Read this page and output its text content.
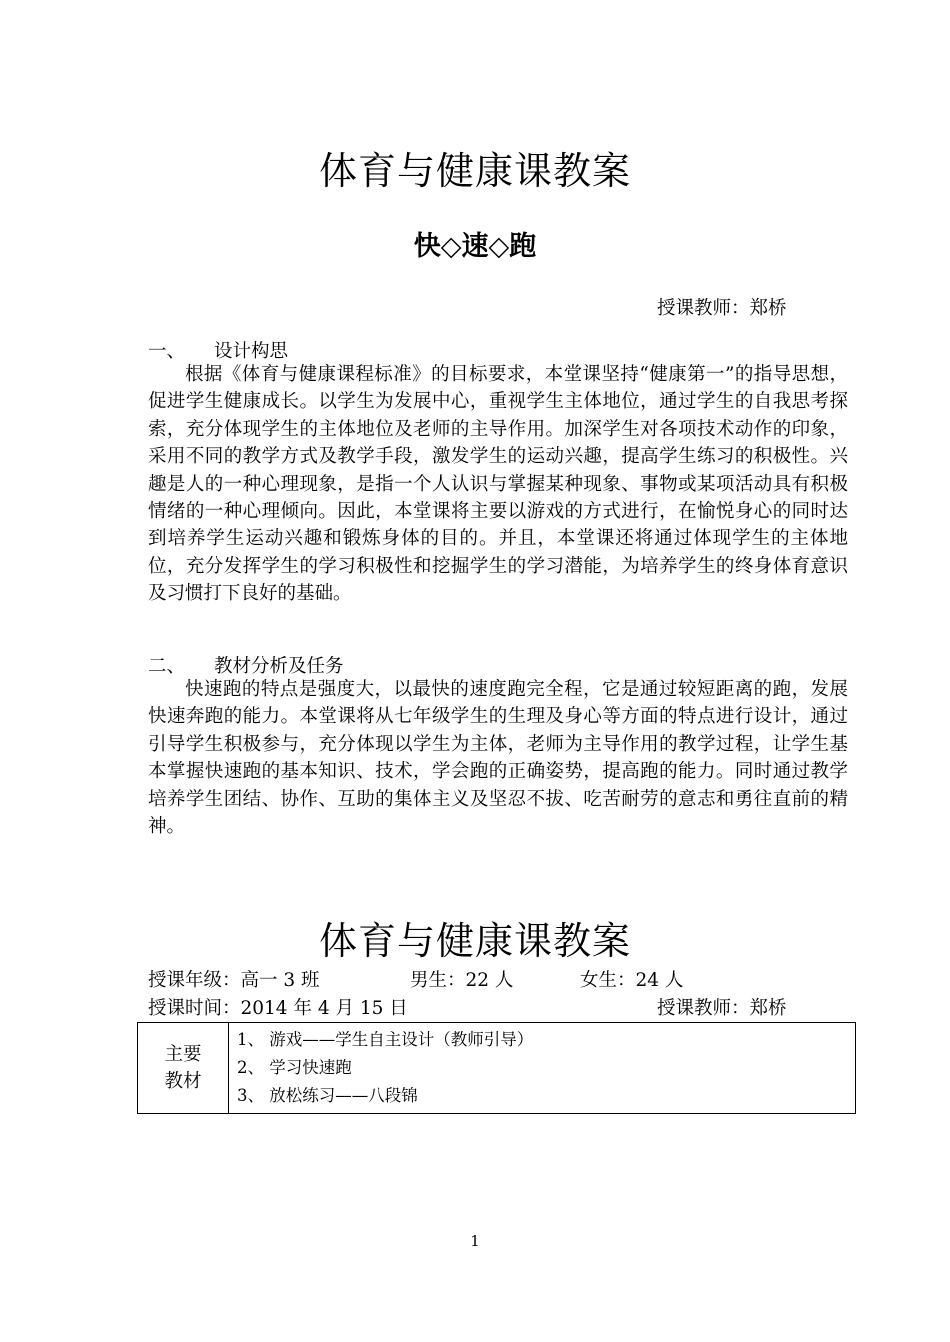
体育与健康课教案
快◇速◇跑
授课教师：郑桥
一、 设计构思
根据《体育与健康课程标准》的目标要求，本堂课坚持“健康第一”的指导思想，促进学生健康成长。以学生为发展中心，重视学生主体地位，通过学生的自我思考探索，充分体现学生的主体地位及老师的主导作用。加深学生对各项技术动作的印象，采用不同的教学方式及教学手段，激发学生的运动兴趣，提高学生练习的积极性。兴趣是人的一种心理现象，是指一个人认识与掌握某种现象、事物或某项活动具有积极情绪的一种心理倾向。因此，本堂课将主要以游戏的方式进行，在愉悦身心的同时达到培养学生运动兴趣和锻炼身体的目的。并且，本堂课还将通过体现学生的主体地位，充分发挥学生的学习积极性和挖掘学生的学习潜能，为培养学生的终身体育意识及习惯打下良好的基础。
二、 教材分析及任务
快速跑的特点是强度大，以最快的速度跑完全程，它是通过较短距离的跑，发展快速奔跑的能力。本堂课将从七年级学生的生理及身心等方面的特点进行设计，通过引导学生积极参与，充分体现以学生为主体，老师为主导作用的教学过程，让学生基本掌握快速跑的基本知识、技术，学会跑的正确姿势，提高跑的能力。同时通过教学培养学生团结、协作、互助的集体主义及坚忍不拔、吃苦耐劳的意志和勇往直前的精神。
体育与健康课教案
授课年级：高一 3 班	男生：22 人	女生：24 人
授课时间：2014 年 4 月 15 日	授课教师：郑桥
主要
教材

1、 游戏——学生自主设计（教师引导）
2、 学习快速跑
3、 放松练习——八段锦
1
